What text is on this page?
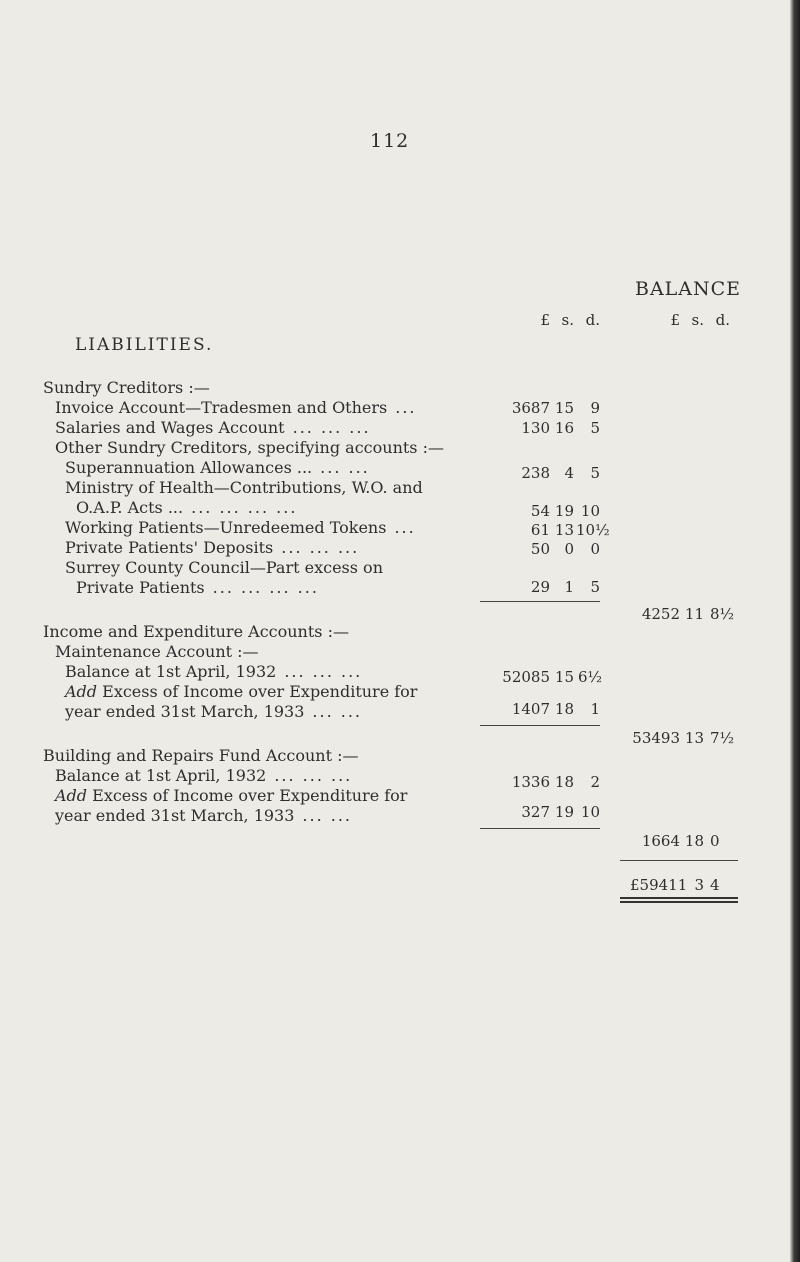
112
BALANCE
£ s. d.	£ s. d.
LIABILITIES.
Sundry Creditors :—
Invoice Account—Tradesmen and Others ...	3687 15	9
Salaries and Wages Account ... ... ...	130 16	5
Other Sundry Creditors, specifying accounts :—
Superannuation Allowances ... ... ...	238 4	5
Ministry of Health—Contributions, W.O. and
O.A.P. Acts ... ... ... ... ...	54 19 10
Working Patients—Unredeemed Tokens ...	61 13 10½
Private Patients' Deposits ... ... ...	50 0	0
Surrey County Council—Part excess on
Private Patients ... ... ... ...	29 1	5
4252 11 8½
Income and Expenditure Accounts :—
Maintenance Account :—
Balance at 1st April, 1932 ... ... ...	52085 15 6½
Add Excess of Income over Expenditure for
year ended 31st March, 1933 ... ...	1407 18	1
53493 13 7½
Building and Repairs Fund Account :—
Balance at 1st April, 1932 ... ... ...	1336 18	2
Add Excess of Income over Expenditure for
year ended 31st March, 1933 ... ...	327 19 10
1664 18 0
£59411 3 4
